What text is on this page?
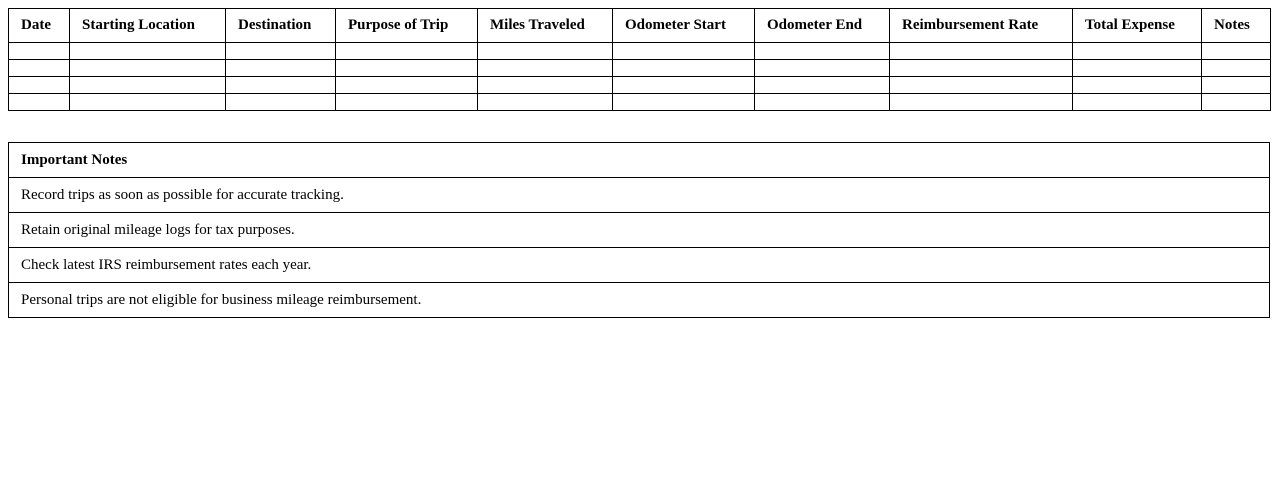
Date	Starting Location	Destination	Purpose of Trip	Miles Traveled	Odometer Start	Odometer End	Reimbursement Rate	Total Expense	Notes

Important Notes
Record trips as soon as possible for accurate tracking.
Retain original mileage logs for tax purposes.
Check latest IRS reimbursement rates each year.
Personal trips are not eligible for business mileage reimbursement.
